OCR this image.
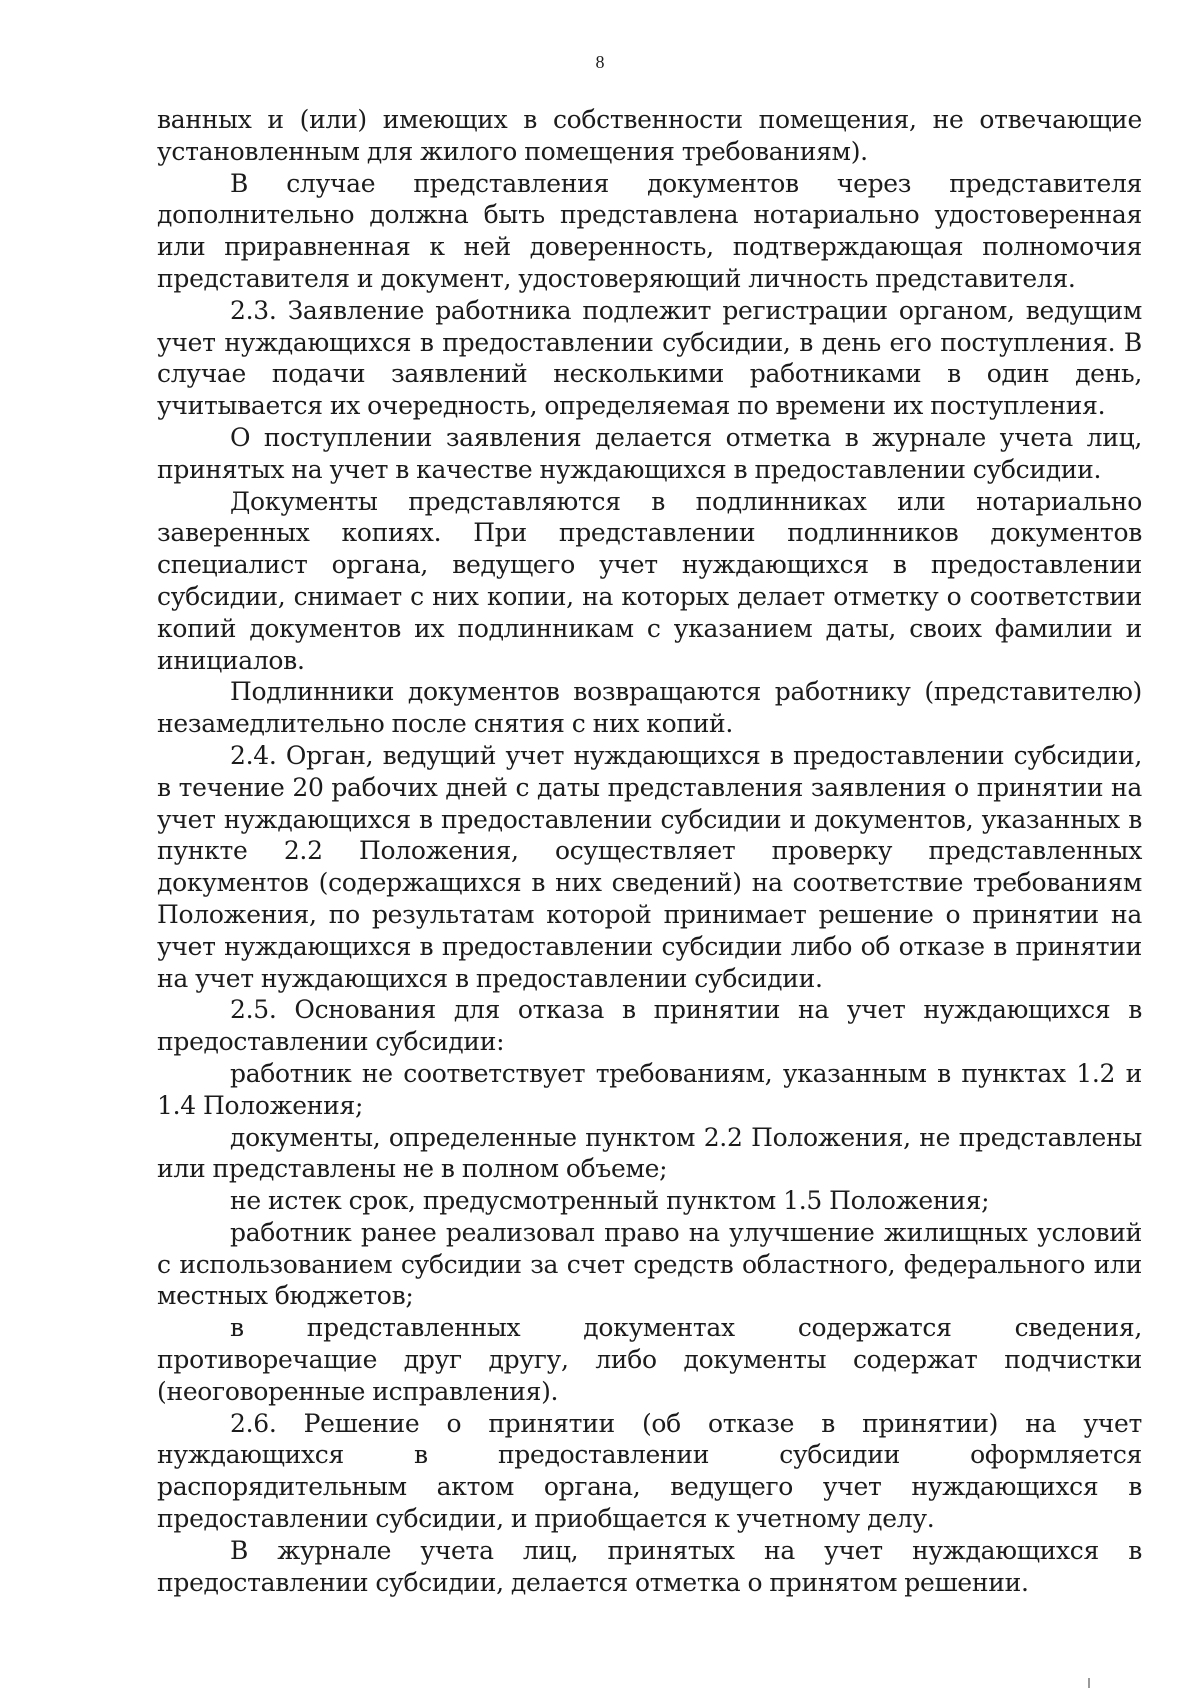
8

ванных и (или) имеющих в собственности помещения, не отвечающие установленным для жилого помещения требованиям).

В случае представления документов через представителя дополнительно должна быть представлена нотариально удостоверенная или приравненная к ней доверенность, подтверждающая полномочия представителя и документ, удостоверяющий личность представителя.

2.3. Заявление работника подлежит регистрации органом, ведущим учет нуждающихся в предоставлении субсидии, в день его поступления. В случае подачи заявлений несколькими работниками в один день, учитывается их очередность, определяемая по времени их поступления.

О поступлении заявления делается отметка в журнале учета лиц, принятых на учет в качестве нуждающихся в предоставлении субсидии.

Документы представляются в подлинниках или нотариально заверенных копиях. При представлении подлинников документов специалист органа, ведущего учет нуждающихся в предоставлении субсидии, снимает с них копии, на которых делает отметку о соответствии копий документов их подлинникам с указанием даты, своих фамилии и инициалов.

Подлинники документов возвращаются работнику (представителю) незамедлительно после снятия с них копий.

2.4. Орган, ведущий учет нуждающихся в предоставлении субсидии, в течение 20 рабочих дней с даты представления заявления о принятии на учет нуждающихся в предоставлении субсидии и документов, указанных в пункте 2.2 Положения, осуществляет проверку представленных документов (содержащихся в них сведений) на соответствие требованиям Положения, по результатам которой принимает решение о принятии на учет нуждающихся в предоставлении субсидии либо об отказе в принятии на учет нуждающихся в предоставлении субсидии.

2.5. Основания для отказа в принятии на учет нуждающихся в предоставлении субсидии:

работник не соответствует требованиям, указанным в пунктах 1.2 и 1.4 Положения;

документы, определенные пунктом 2.2 Положения, не представлены или представлены не в полном объеме;

не истек срок, предусмотренный пунктом 1.5 Положения;

работник ранее реализовал право на улучшение жилищных условий с использованием субсидии за счет средств областного, федерального или местных бюджетов;

в представленных документах содержатся сведения, противоречащие друг другу, либо документы содержат подчистки (неоговоренные исправления).

2.6. Решение о принятии (об отказе в принятии) на учет нуждающихся в предоставлении субсидии оформляется распорядительным актом органа, ведущего учет нуждающихся в предоставлении субсидии, и приобщается к учетному делу.

В журнале учета лиц, принятых на учет нуждающихся в предоставлении субсидии, делается отметка о принятом решении.
